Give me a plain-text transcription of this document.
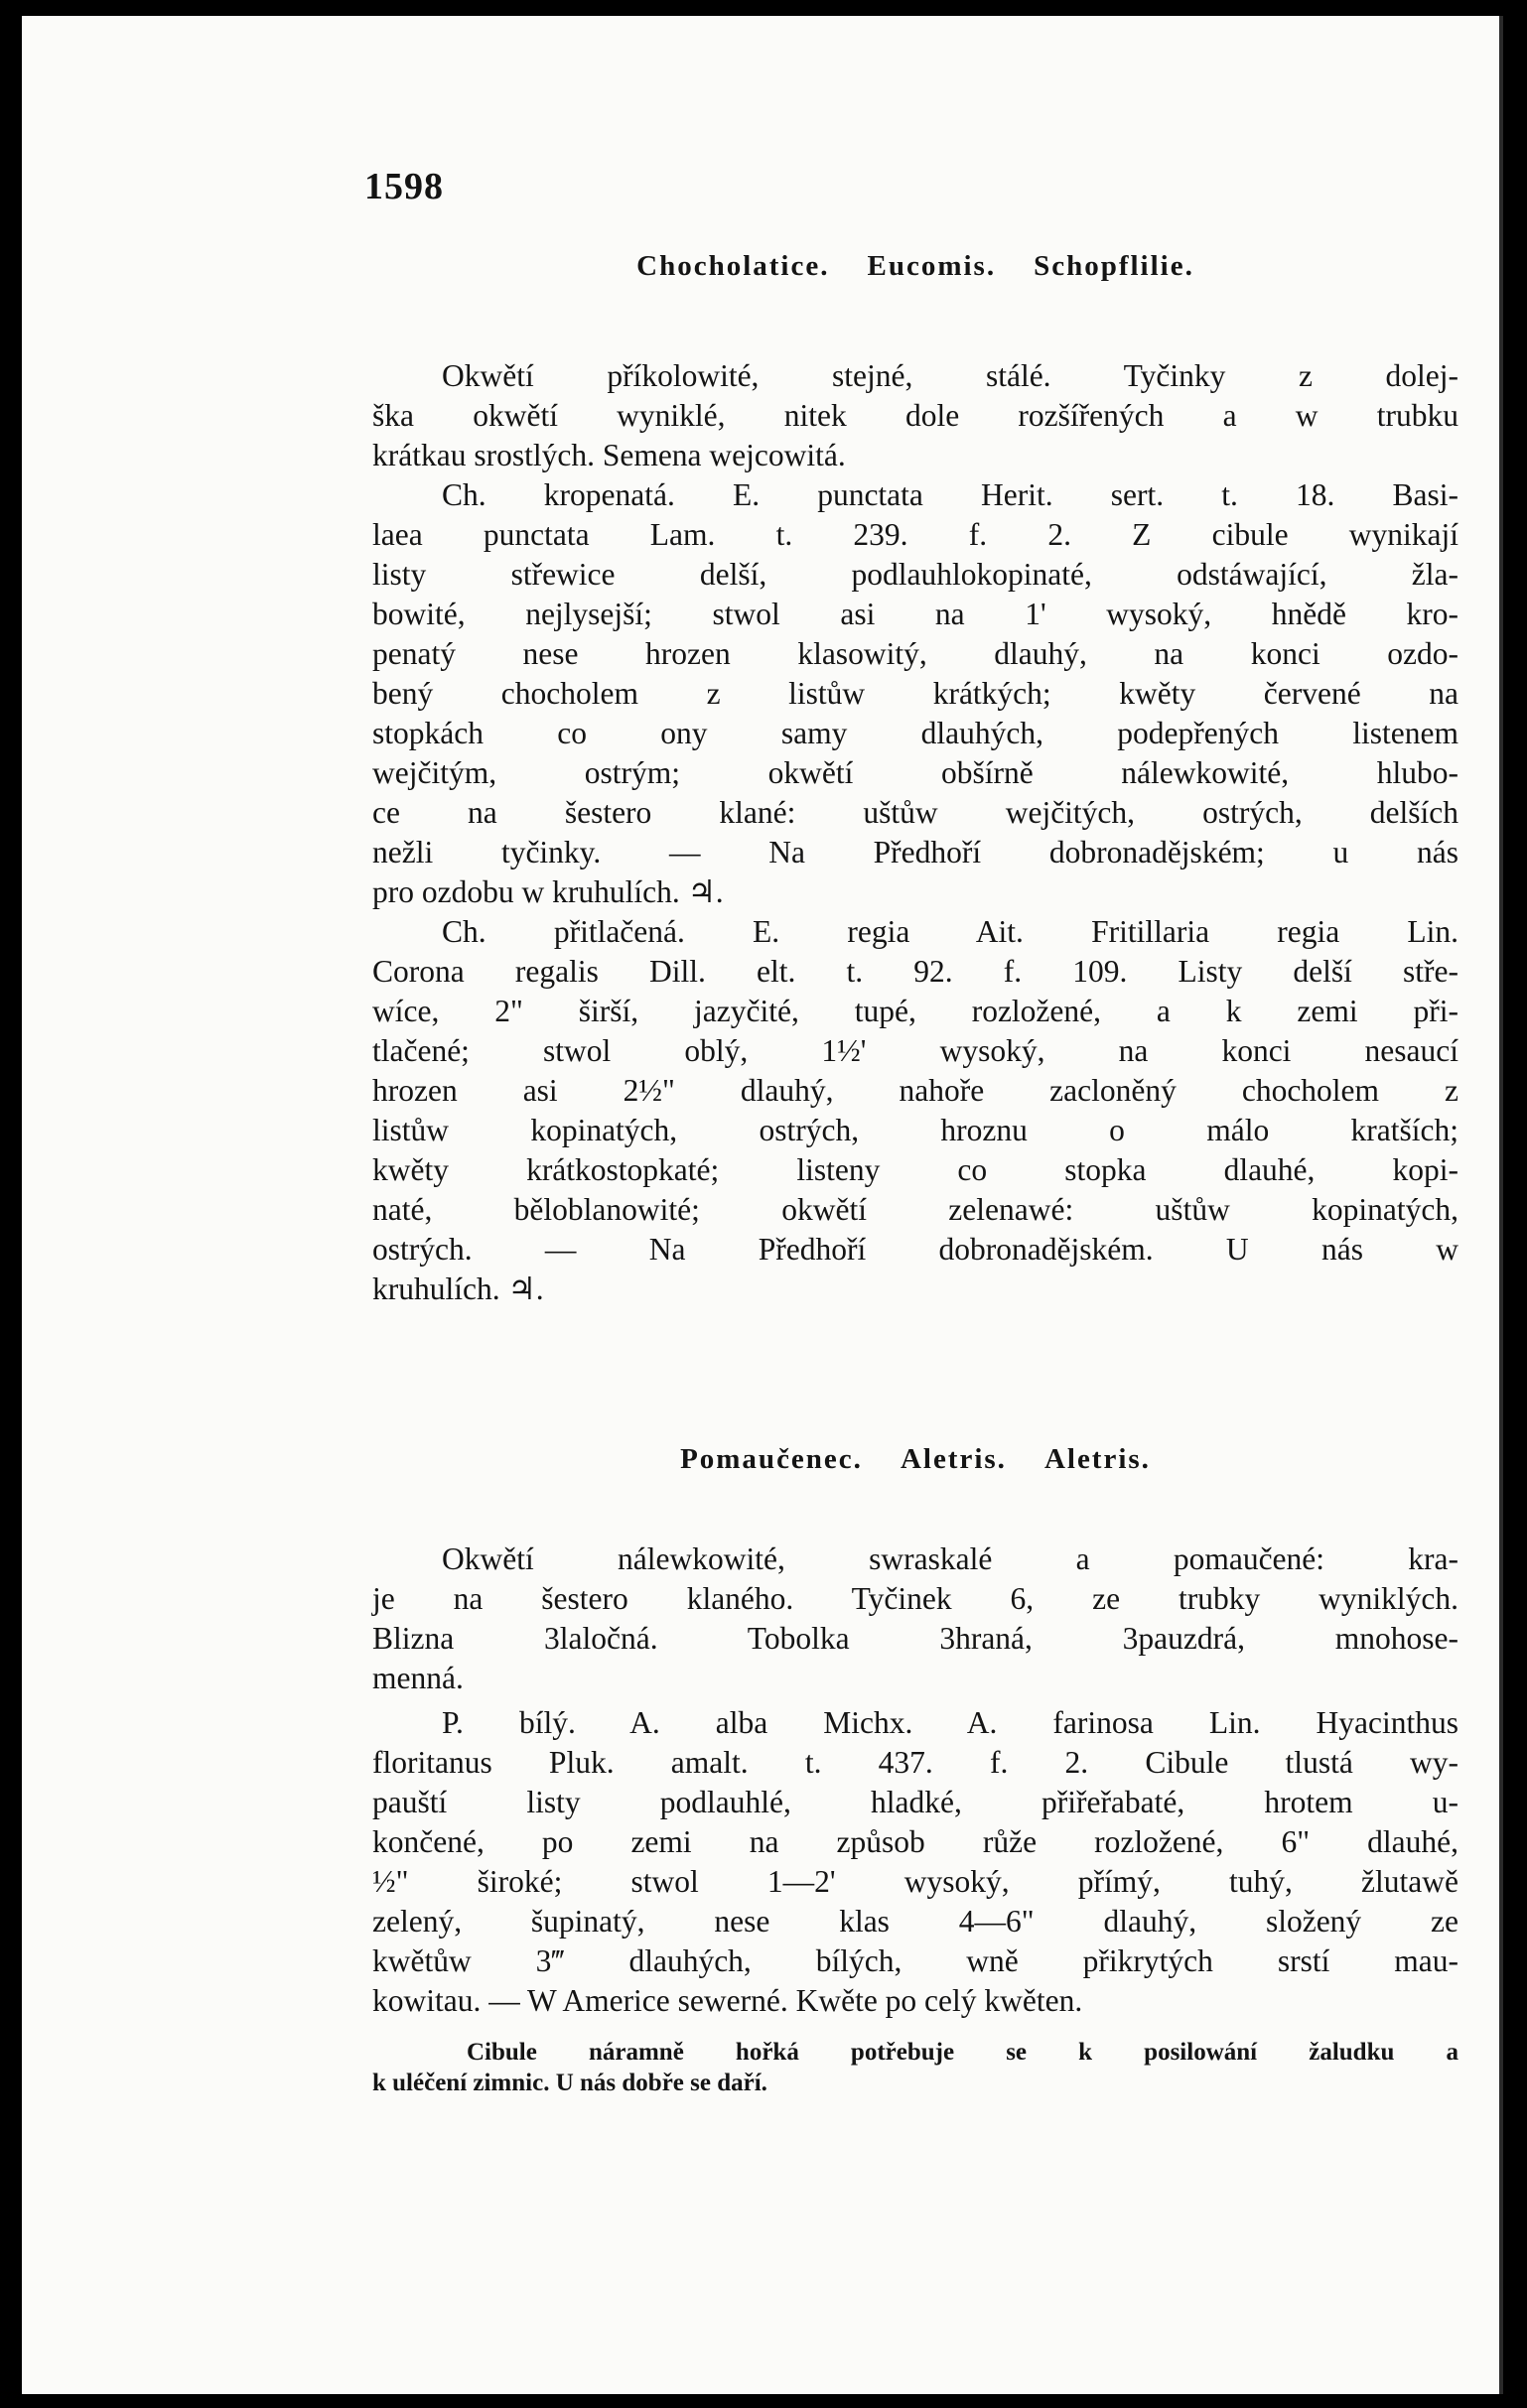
1598
Chocholatice. Eucomis. Schopflilie.
Okwětí příkolowité, stejné, stálé. Tyčinky z dolej-
ška okwětí wyniklé, nitek dole rozšířených a w trubku
krátkau srostlých. Semena wejcowitá.
Ch. kropenatá. E. punctata Herit. sert. t. 18. Basi-
laea punctata Lam. t. 239. f. 2. Z cibule wynikají
listy střewice delší, podlauhlokopinaté, odstáwající, žla-
bowité, nejlysejší; stwol asi na 1' wysoký, hnědě kro-
penatý nese hrozen klasowitý, dlauhý, na konci ozdo-
bený chocholem z listůw krátkých; kwěty červené na
stopkách co ony samy dlauhých, podepřených listenem
wejčitým, ostrým; okwětí obšírně nálewkowité, hlubo-
ce na šestero klané: uštůw wejčitých, ostrých, delších
nežli tyčinky. — Na Předhoří dobronadějském; u nás
pro ozdobu w kruhulích. ♃.
Ch. přitlačená. E. regia Ait. Fritillaria regia Lin.
Corona regalis Dill. elt. t. 92. f. 109. Listy delší stře-
wíce, 2" širší, jazyčité, tupé, rozložené, a k zemi při-
tlačené; stwol oblý, 1½' wysoký, na konci nesaucí
hrozen asi 2½" dlauhý, nahoře zacloněný chocholem z
listůw kopinatých, ostrých, hroznu o málo kratších;
kwěty krátkostopkaté; listeny co stopka dlauhé, kopi-
naté, běloblanowité; okwětí zelenawé: uštůw kopinatých,
ostrých. — Na Předhoří dobronadějském. U nás w
kruhulích. ♃.
Pomaučenec. Aletris. Aletris.
Okwětí nálewkowité, swraskalé a pomaučené: kra-
je na šestero klaného. Tyčinek 6, ze trubky wyniklých.
Blizna 3laločná. Tobolka 3hraná, 3pauzdrá, mnohose-
menná.
P. bílý. A. alba Michx. A. farinosa Lin. Hyacinthus
floritanus Pluk. amalt. t. 437. f. 2. Cibule tlustá wy-
pauští listy podlauhlé, hladké, přiřeřabaté, hrotem u-
končené, po zemi na způsob růže rozložené, 6" dlauhé,
½" široké; stwol 1—2' wysoký, přímý, tuhý, žlutawě
zelený, šupinatý, nese klas 4—6" dlauhý, složený ze
kwětůw 3‴ dlauhých, bílých, wně přikrytých srstí mau-
kowitau. — W Americe sewerné. Kwěte po celý kwěten.
Cibule náramně hořká potřebuje se k posilowání žaludku a
k uléčení zimnic. U nás dobře se daří.
